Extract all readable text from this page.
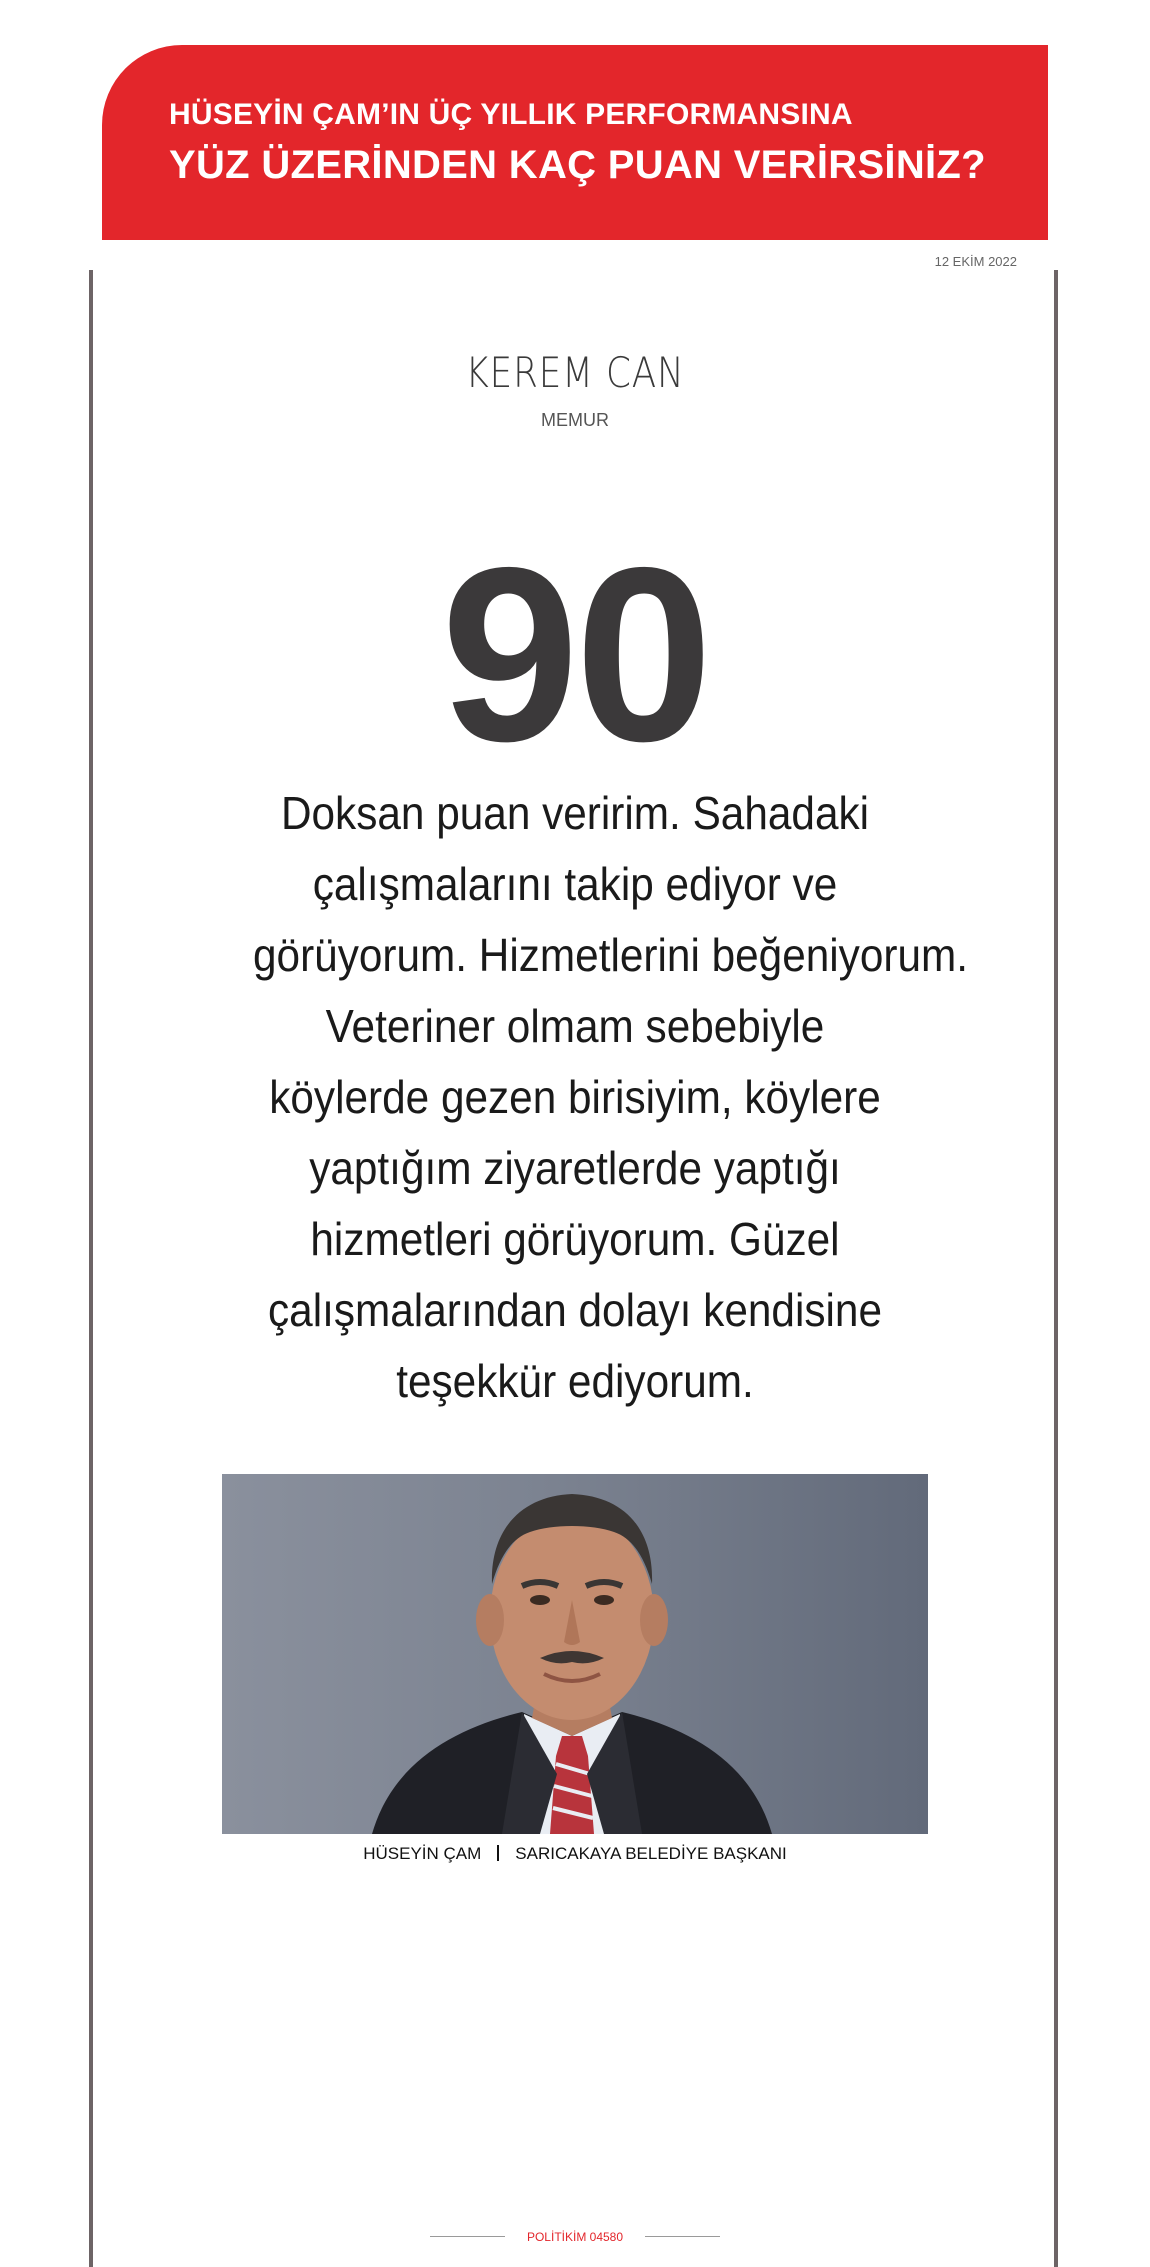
HÜSEYİN ÇAM’IN ÜÇ YILLIK PERFORMANSINA
YÜZ ÜZERİNDEN KAÇ PUAN VERİRSİNİZ?
12 EKİM 2022
KEREM CAN
MEMUR
90
Doksan puan veririm. Sahadaki
çalışmalarını takip ediyor ve
görüyorum. Hizmetlerini beğeniyorum.
Veteriner olmam sebebiyle
köylerde gezen birisiyim, köylere
yaptığım ziyaretlerde yaptığı
hizmetleri görüyorum. Güzel
çalışmalarından dolayı kendisine
teşekkür ediyorum.
HÜSEYİN ÇAM SARICAKAYA BELEDİYE BAŞKANI
POLİTİKİM 04580
